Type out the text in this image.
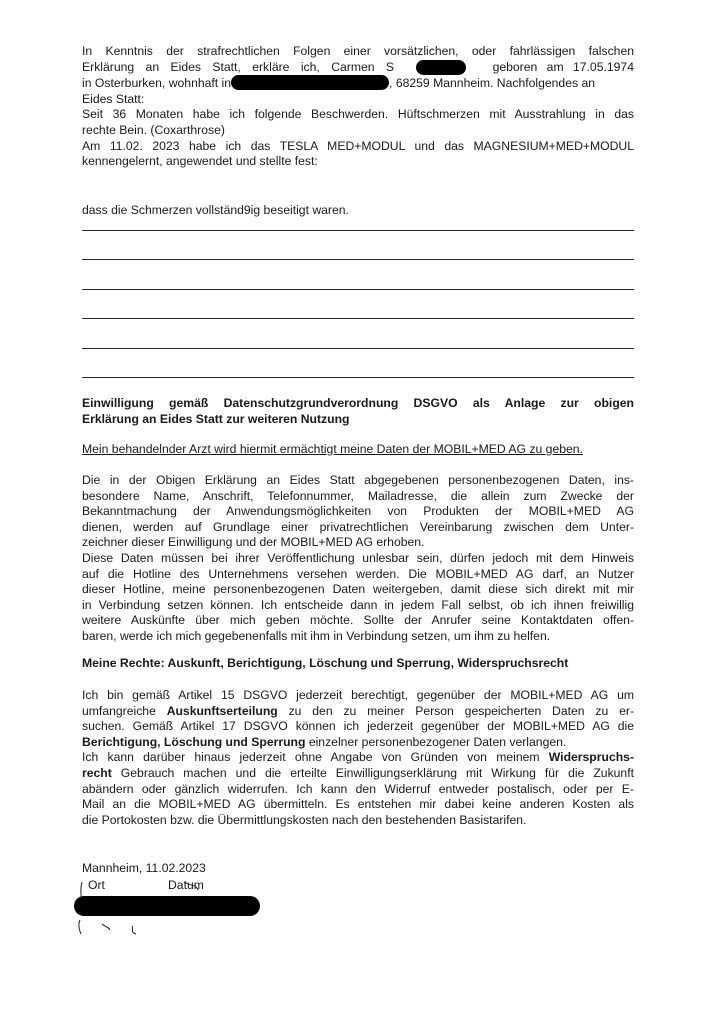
In Kenntnis der strafrechtlichen Folgen einer vorsätzlichen, oder fahrlässigen falschen

Erklärung an Eides Statt, erkläre ich, Carmen S	geboren am 17.05.1974

in Osterburken, wohnhaft in	, 68259 Mannheim. Nachfolgendes an

Eides Statt:

Seit 36 Monaten habe ich folgende Beschwerden. Hüftschmerzen mit Ausstrahlung in das

rechte Bein. (Coxarthrose)

Am 11.02. 2023 habe ich das TESLA MED+MODUL und das MAGNESIUM+MED+MODUL

kennengelernt, angewendet und stellte fest:

dass die Schmerzen vollständ9ig beseitigt waren.

Einwilligung gemäß Datenschutzgrundverordnung DSGVO als Anlage zur obigen

Erklärung an Eides Statt zur weiteren Nutzung

Mein behandelnder Arzt wird hiermit ermächtigt meine Daten der MOBIL+MED AG zu geben.

Die in der Obigen Erklärung an Eides Statt abgegebenen personenbezogenen Daten, ins-

besondere Name, Anschrift, Telefonnummer, Mailadresse, die allein zum Zwecke der

Bekanntmachung der Anwendungsmöglichkeiten von Produkten der MOBIL+MED AG

dienen, werden auf Grundlage einer privatrechtlichen Vereinbarung zwischen dem Unter-

zeichner dieser Einwilligung und der MOBIL+MED AG erhoben.

Diese Daten müssen bei ihrer Veröffentlichung unlesbar sein, dürfen jedoch mit dem Hinweis

auf die Hotline des Unternehmens versehen werden. Die MOBIL+MED AG darf, an Nutzer

dieser Hotline, meine personenbezogenen Daten weitergeben, damit diese sich direkt mit mir

in Verbindung setzen können. Ich entscheide dann in jedem Fall selbst, ob ich ihnen freiwillig

weitere Auskünfte über mich geben möchte. Sollte der Anrufer seine Kontaktdaten offen-

baren, werde ich mich gegebenenfalls mit ihm in Verbindung setzen, um ihm zu helfen.

Meine Rechte: Auskunft, Berichtigung, Löschung und Sperrung, Widerspruchsrecht

Ich bin gemäß Artikel 15 DSGVO jederzeit berechtigt, gegenüber der MOBIL+MED AG um

umfangreiche Auskunftserteilung zu den zu meiner Person gespeicherten Daten zu er-

suchen. Gemäß Artikel 17 DSGVO können ich jederzeit gegenüber der MOBIL+MED AG die

Berichtigung, Löschung und Sperrung einzelner personenbezogener Daten verlangen.

Ich kann darüber hinaus jederzeit ohne Angabe von Gründen von meinem Widerspruchs-

recht Gebrauch machen und die erteilte Einwilligungserklärung mit Wirkung für die Zukunft

abändern oder gänzlich widerrufen. Ich kann den Widerruf entweder postalisch, oder per E-

Mail an die MOBIL+MED AG übermitteln. Es entstehen mir dabei keine anderen Kosten als

die Portokosten bzw. die Übermittlungskosten nach den bestehenden Basistarifen.

Mannheim, 11.02.2023

Ort	Datum
